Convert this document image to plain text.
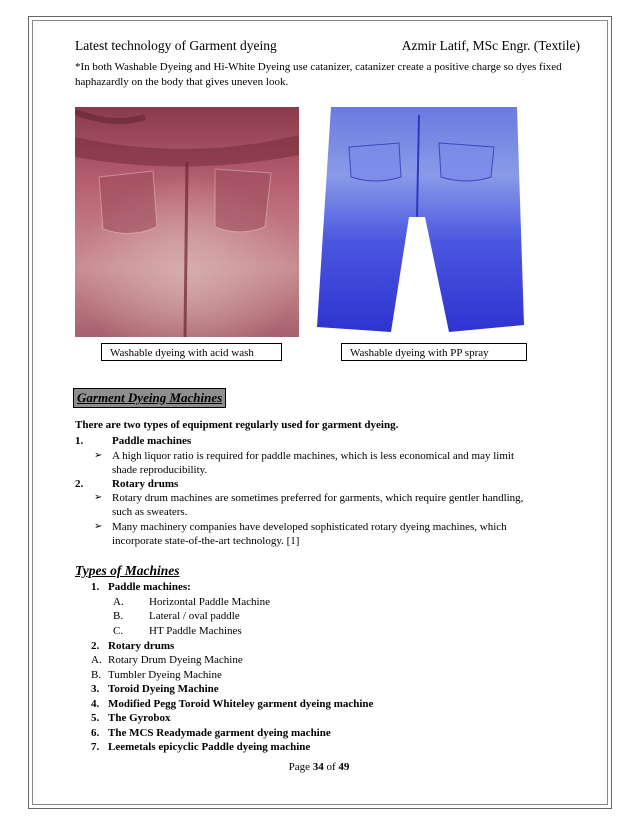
Latest technology of Garment dyeing	Azmir Latif, MSc Engr. (Textile)
*In both Washable Dyeing and Hi-White Dyeing use catanizer, catanizer create a positive charge so dyes fixed haphazardly on the body that gives uneven look.
Washable dyeing with acid wash	Washable dyeing with PP spray
Garment Dyeing Machines
There are two types of equipment regularly used for garment dyeing.
1.	Paddle machines
➢ A high liquor ratio is required for paddle machines, which is less economical and may limit
shade reproducibility.
2.	Rotary drums
➢ Rotary drum machines are sometimes preferred for garments, which require gentler handling,
such as sweaters.
➢ Many machinery companies have developed sophisticated rotary dyeing machines, which
incorporate state-of-the-art technology. [1]
Types of Machines
1. Paddle machines:
A. Horizontal Paddle Machine
B. Lateral / oval paddle
C. HT Paddle Machines
2. Rotary drums
A. Rotary Drum Dyeing Machine
B. Tumbler Dyeing Machine
3. Toroid Dyeing Machine
4. Modified Pegg Toroid Whiteley garment dyeing machine
5. The Gyrobox
6. The MCS Readymade garment dyeing machine
7. Leemetals epicyclic Paddle dyeing machine
Page 34 of 49
